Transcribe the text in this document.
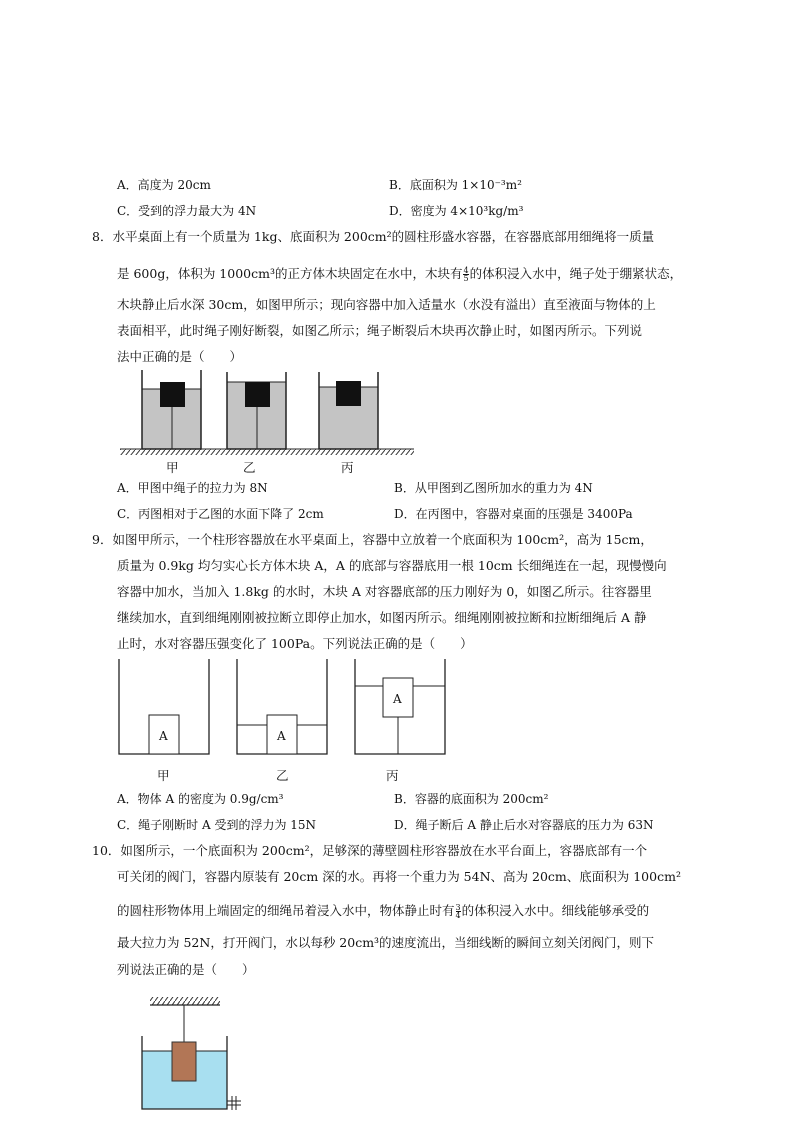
A．高度为 20cm	B．底面积为 1×10⁻³m²
C．受到的浮力最大为 4N	D．密度为 4×10³kg/m³
8．水平桌面上有一个质量为 1kg、底面积为 200cm²的圆柱形盛水容器，在容器底部用细绳将一质量
是 600g，体积为 1000cm³的正方体木块固定在水中，木块有 $\frac{4}{5}$ 的体积浸入水中，绳子处于绷紧状态，
木块静止后水深 30cm，如图甲所示；现向容器中加入适量水（水没有溢出）直至液面与物体的上
表面相平，此时绳子刚好断裂，如图乙所示；绳子断裂后木块再次静止时，如图丙所示。下列说
法中正确的是（　　）
甲	乙	丙
A．甲图中绳子的拉力为 8N	B．从甲图到乙图所加水的重力为 4N
C．丙图相对于乙图的水面下降了 2cm	D．在丙图中，容器对桌面的压强是 3400Pa
9．如图甲所示，一个柱形容器放在水平桌面上，容器中立放着一个底面积为 100cm²，高为 15cm，
质量为 0.9kg 均匀实心长方体木块 A，A 的底部与容器底用一根 10cm 长细绳连在一起，现慢慢向
容器中加水，当加入 1.8kg 的水时，木块 A 对容器底部的压力刚好为 0，如图乙所示。往容器里
继续加水，直到细绳刚刚被拉断立即停止加水，如图丙所示。细绳刚刚被拉断和拉断细绳后 A 静
止时，水对容器压强变化了 100Pa。下列说法正确的是（　　）
A	A
A
甲	乙	丙
A．物体 A 的密度为 0.9g/cm³	B．容器的底面积为 200cm²
C．绳子刚断时 A 受到的浮力为 15N	D．绳子断后 A 静止后水对容器底的压力为 63N
10．如图所示，一个底面积为 200cm²，足够深的薄壁圆柱形容器放在水平台面上，容器底部有一个
可关闭的阀门，容器内原装有 20cm 深的水。再将一个重力为 54N、高为 20cm、底面积为 100cm²
的圆柱形物体用上端固定的细绳吊着浸入水中，物体静止时有 $\frac{3}{4}$ 的体积浸入水中。细线能够承受的
最大拉力为 52N，打开阀门，水以每秒 20cm³的速度流出，当细线断的瞬间立刻关闭阀门，则下
列说法正确的是（　　）
